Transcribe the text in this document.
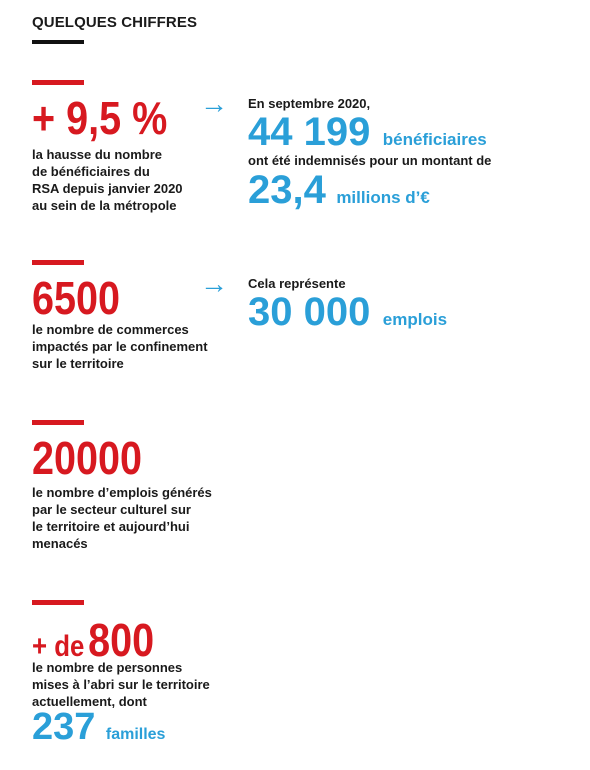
QUELQUES CHIFFRES
+ 9,5 %
la hausse du nombre
de bénéficiaires du
RSA depuis janvier 2020
au sein de la métropole
→ En septembre 2020,
44 199 bénéficiaires
ont été indemnisés pour un montant de
23,4 millions d’€
6500
le nombre de commerces
impactés par le confinement
sur le territoire
→ Cela représente
30 000 emplois
20000
le nombre d’emplois générés
par le secteur culturel sur
le territoire et aujourd’hui
menacés
+ de 800
le nombre de personnes
mises à l’abri sur le territoire
actuellement, dont
237 familles
